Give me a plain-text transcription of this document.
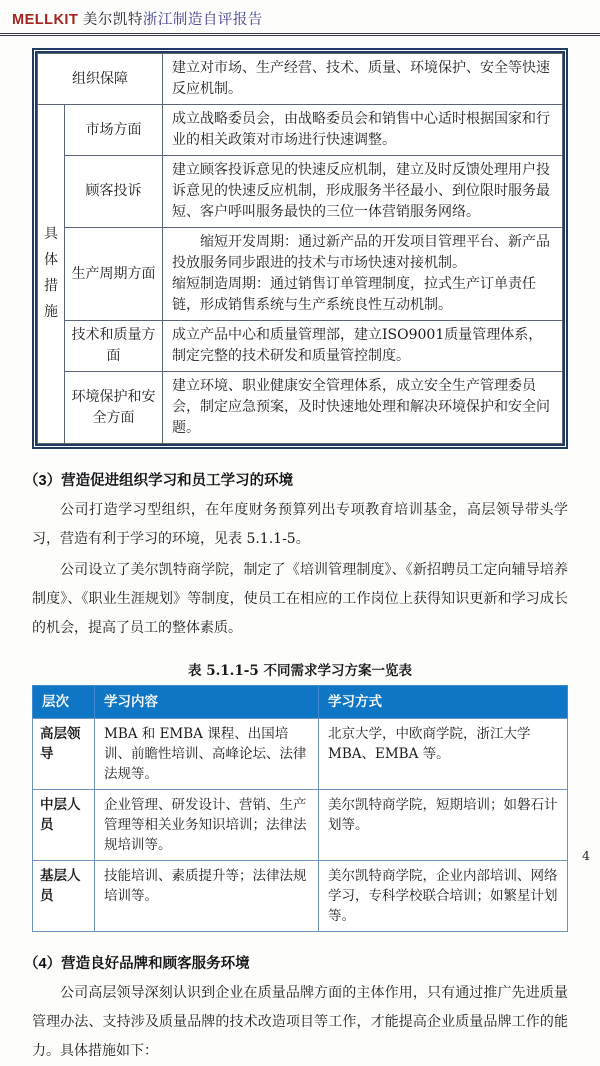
MELLKIT 美尔凯特浙江制造自评报告
组织保障		建立对市场、生产经营、技术、质量、环境保护、安全等快速反应机制。

具体措施	市场方面	成立战略委员会，由战略委员会和销售中心适时根据国家和行业的相关政策对市场进行快速调整。
	顾客投诉	建立顾客投诉意见的快速反应机制，建立及时反馈处理用户投诉意见的快速反应机制，形成服务半径最小、到位限时服务最短、客户呼叫服务最快的三位一体营销服务网络。
	生产周期方面	缩短开发周期：通过新产品的开发项目管理平台、新产品投放服务同步跟进的技术与市场快速对接机制。

缩短制造周期：通过销售订单管理制度，拉式生产订单责任链，形成销售系统与生产系统良性互动机制。

	技术和质量方面	成立产品中心和质量管理部，建立ISO9001质量管理体系，制定完整的技术研发和质量管控制度。
	环境保护和安全方面	建立环境、职业健康安全管理体系，成立安全生产管理委员会，制定应急预案，及时快速地处理和解决环境保护和安全问题。
（3）营造促进组织学习和员工学习的环境

公司打造学习型组织，在年度财务预算列出专项教育培训基金，高层领导带头学习，营造有利于学习的环境，见表 5.1.1-5。

公司设立了美尔凯特商学院，制定了《培训管理制度》、《新招聘员工定向辅导培养制度》、《职业生涯规划》等制度，使员工在相应的工作岗位上获得知识更新和学习成长的机会，提高了员工的整体素质。

表 5.1.1-5 不同需求学习方案一览表
层次	学习内容	学习方式
高层领导	MBA 和 EMBA 课程、出国培训、前瞻性培训、高峰论坛、法律法规等。	北京大学，中欧商学院，浙江大学 MBA、EMBA 等。
中层人员	企业管理、研发设计、营销、生产管理等相关业务知识培训；法律法规培训等。	美尔凯特商学院，短期培训；如磐石计划等。
基层人员	技能培训、素质提升等；法律法规培训等。	美尔凯特商学院，企业内部培训、网络学习，专科学校联合培训；如繁星计划等。
（4）营造良好品牌和顾客服务环境

公司高层领导深刻认识到企业在质量品牌方面的主体作用，只有通过推广先进质量管理办法、支持涉及质量品牌的技术改造项目等工作，才能提高企业质量品牌工作的能力。具体措施如下：

4
